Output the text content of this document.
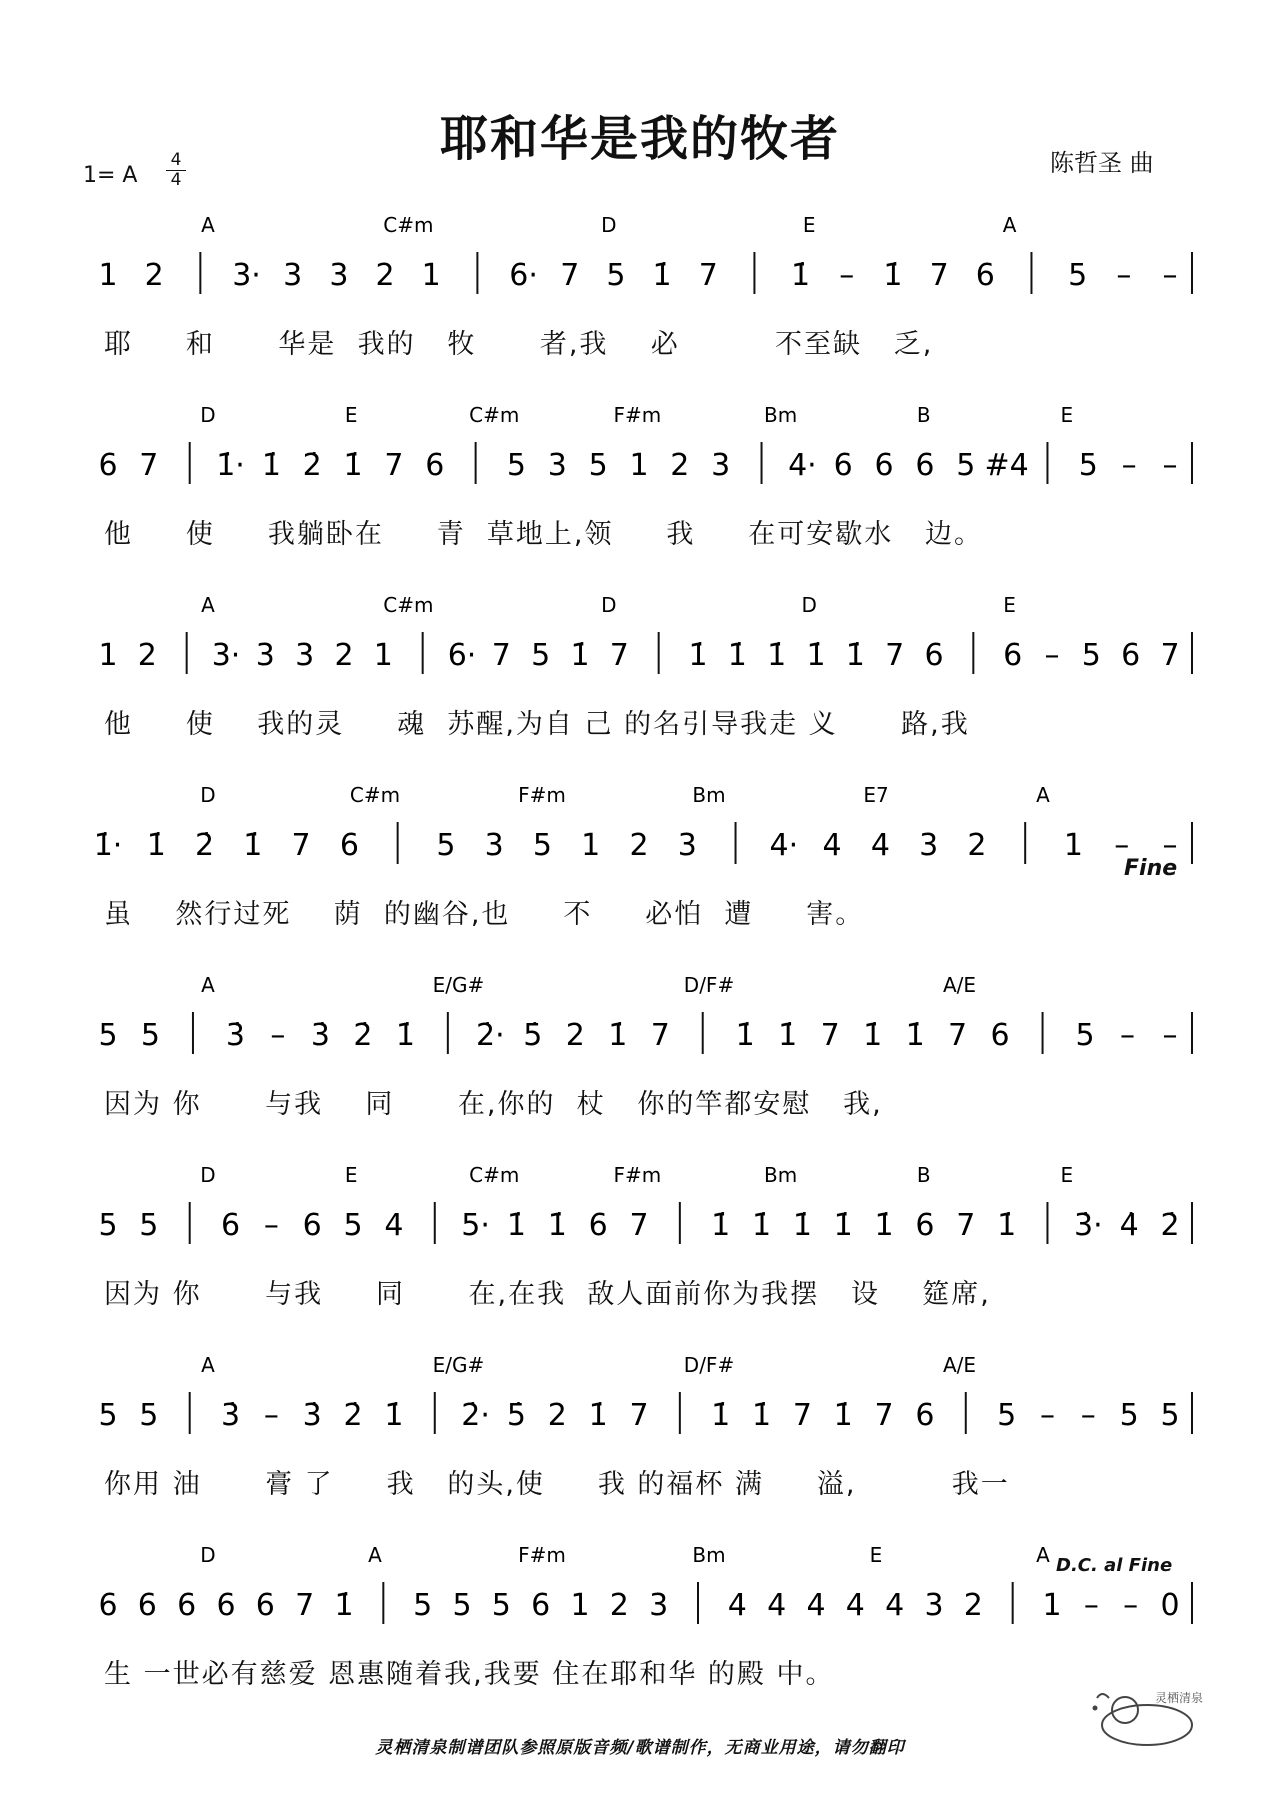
耶和华是我的牧者	陈哲圣 曲
1= A
4
4
1 2 3· 3 3 2 1 6· 7 5 1̇ 7 1̇ – 1̇ 7 6 5 – –
A	C#m	D	E	A
耶     和      华是  我的   牧      者,我    必         不至缺   乏,
6 7 1̇· 1̇ 2̇ 1̇ 7 6 5 3 5 1 2 3 4· 6 6 6 5 #4 5 – –
D	E	C#m	F#m	Bm	B	E
他     使     我躺卧在     青  草地上,领     我     在可安歇水   边。
1 2 3· 3 3 2 1 6· 7 5 1̇ 7 1̇ 1̇ 1̇ 1̇ 1̇ 7 6 6 – 5 6 7
A	C#m	D	D	E
他     使    我的灵     魂  苏醒,为自 己 的名引导我走 义      路,我
1̇· 1̇ 2̇ 1̇ 7 6	5 3 5 1 2 3 4· 4 4 3 2	1 – –
D	C#m	F#m	Bm	E7	A
虽    然行过死    荫  的幽谷,也     不     必怕  遭     害。
Fine
5 5 3̇ – 3̇ 2̇ 1̇ 2̇· 5̇ 2 1̇ 7 1̇ 1̇ 7 1̇ 1̇ 7 6 5 – –
A	E/G#	D/F#	A/E
因为 你      与我    同      在,你的  杖   你的竿都安慰   我,
5 5 6 – 6 5 4 5· 1̇ 1̇ 6 7 1̇ 1̇ 1̇ 1̇ 1̇ 6 7 1̇ 3̇· 4̇ 2̇
D	E	C#m	F#m	Bm	B	E
因为 你      与我     同      在,在我  敌人面前你为我摆   设    筵席,
5 5 3̇ – 3̇ 2̇ 1̇ 2̇· 5̇ 2 1̇ 7 1̇ 1̇ 7 1̇ 7 6 5 – – 5 5
A	E/G#	D/F#	A/E
你用 油      膏 了     我   的头,使     我 的福杯 满     溢,         我一
6 6 6 6 6 7 1̇ 5 5 5 6 1 2 3 4 4 4 4 4 3 2 1 – – 0
D	A	F#m	Bm	E	A
生 一世必有慈爱 恩惠随着我,我要 住在耶和华 的殿 中。
D.C. al Fine
灵栖清泉制谱团队参照原版音频/歌谱制作，无商业用途，请勿翻印
灵栖清泉
